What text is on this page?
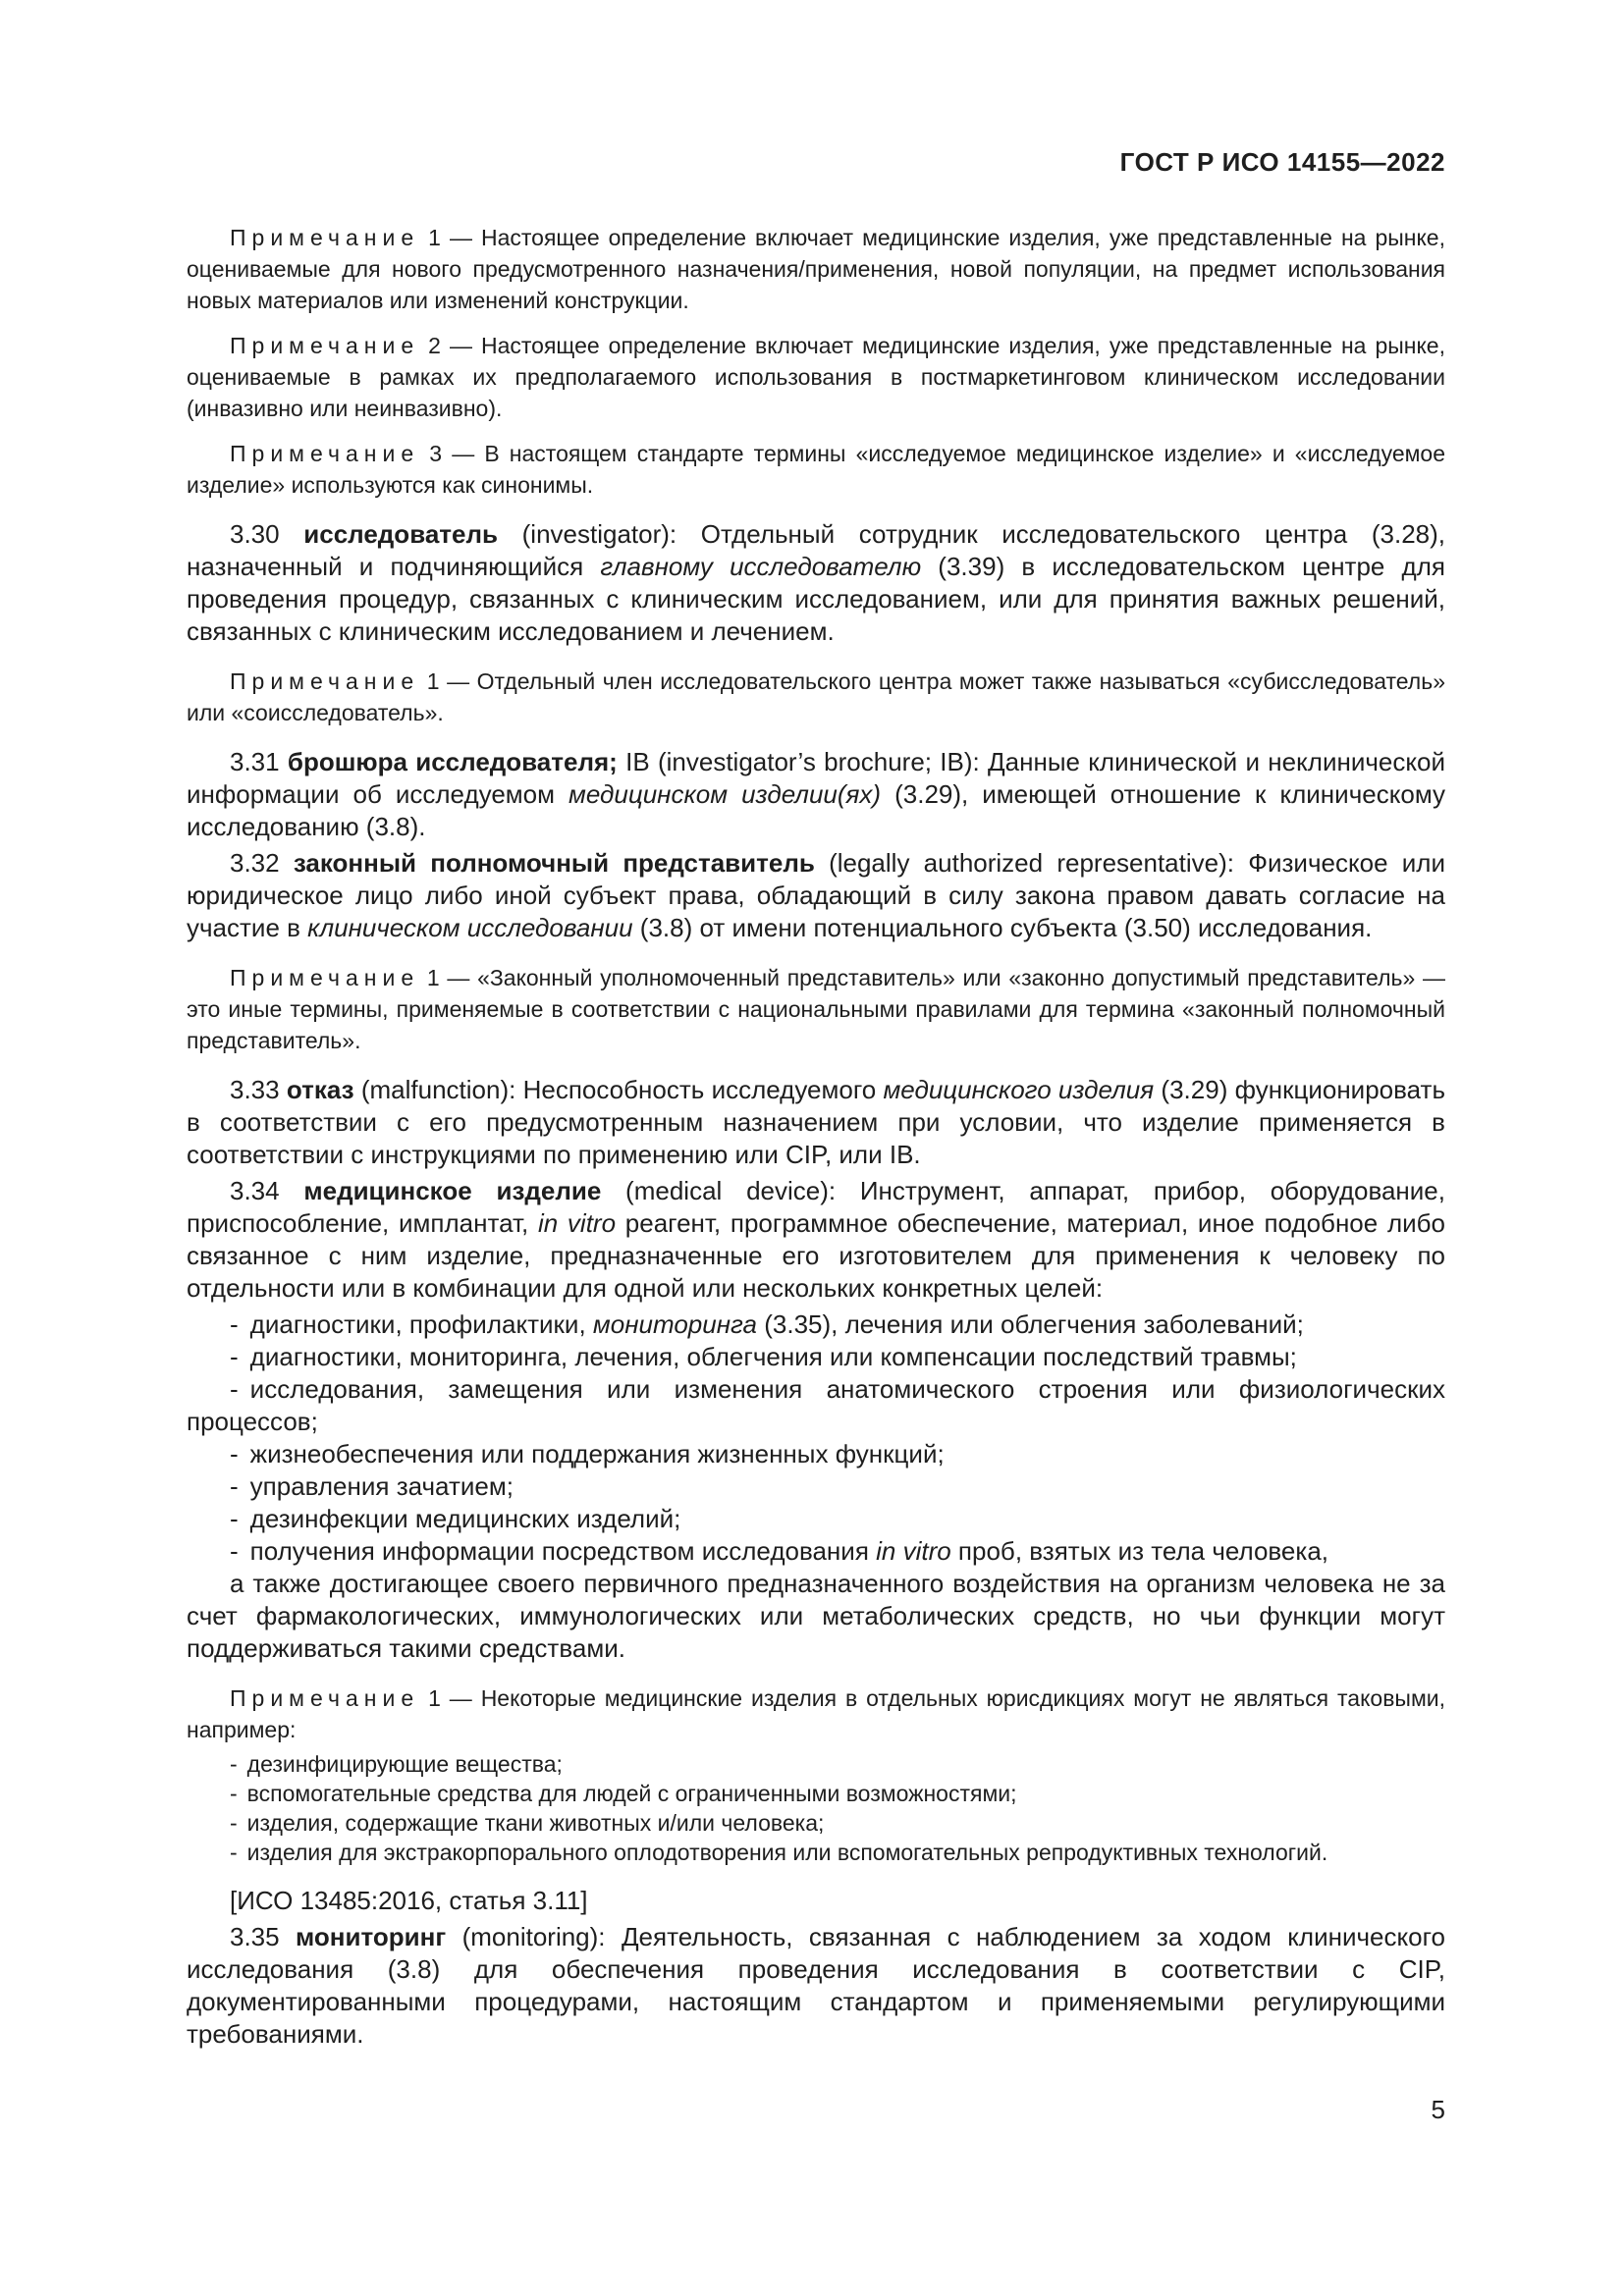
ГОСТ Р ИСО 14155—2022

Примечание 1 — Настоящее определение включает медицинские изделия, уже представленные на рынке, оцениваемые для нового предусмотренного назначения/применения, новой популяции, на предмет использования новых материалов или изменений конструкции.

Примечание 2 — Настоящее определение включает медицинские изделия, уже представленные на рынке, оцениваемые в рамках их предполагаемого использования в постмаркетинговом клиническом исследовании (инвазивно или неинвазивно).

Примечание 3 — В настоящем стандарте термины «исследуемое медицинское изделие» и «исследуемое изделие» используются как синонимы.

3.30 исследователь (investigator): Отдельный сотрудник исследовательского центра (3.28), назначенный и подчиняющийся главному исследователю (3.39) в исследовательском центре для проведения процедур, связанных с клиническим исследованием, или для принятия важных решений, связанных с клиническим исследованием и лечением.

Примечание 1 — Отдельный член исследовательского центра может также называться «субисследователь» или «соисследователь».

3.31 брошюра исследователя; IB (investigator’s brochure; IB): Данные клинической и неклинической информации об исследуемом медицинском изделии(ях) (3.29), имеющей отношение к клиническому исследованию (3.8).

3.32 законный полномочный представитель (legally authorized representative): Физическое или юридическое лицо либо иной субъект права, обладающий в силу закона правом давать согласие на участие в клиническом исследовании (3.8) от имени потенциального субъекта (3.50) исследования.

Примечание 1 — «Законный уполномоченный представитель» или «законно допустимый представитель» — это иные термины, применяемые в соответствии с национальными правилами для термина «законный полномочный представитель».

3.33 отказ (malfunction): Неспособность исследуемого медицинского изделия (3.29) функционировать в соответствии с его предусмотренным назначением при условии, что изделие применяется в соответствии с инструкциями по применению или CIP, или IB.

3.34 медицинское изделие (medical device): Инструмент, аппарат, прибор, оборудование, приспособление, имплантат, in vitro реагент, программное обеспечение, материал, иное подобное либо связанное с ним изделие, предназначенные его изготовителем для применения к человеку по отдельности или в комбинации для одной или нескольких конкретных целей:

- диагностики, профилактики, мониторинга (3.35), лечения или облегчения заболеваний;

- диагностики, мониторинга, лечения, облегчения или компенсации последствий травмы;

- исследования, замещения или изменения анатомического строения или физиологических процессов;

- жизнеобеспечения или поддержания жизненных функций;

- управления зачатием;

- дезинфекции медицинских изделий;

- получения информации посредством исследования in vitro проб, взятых из тела человека,

а также достигающее своего первичного предназначенного воздействия на организм человека не за счет фармакологических, иммунологических или метаболических средств, но чьи функции могут поддерживаться такими средствами.

Примечание 1 — Некоторые медицинские изделия в отдельных юрисдикциях могут не являться таковыми, например:

- дезинфицирующие вещества;

- вспомогательные средства для людей с ограниченными возможностями;

- изделия, содержащие ткани животных и/или человека;

- изделия для экстракорпорального оплодотворения или вспомогательных репродуктивных технологий.

[ИСО 13485:2016, статья 3.11]

3.35 мониторинг (monitoring): Деятельность, связанная с наблюдением за ходом клинического исследования (3.8) для обеспечения проведения исследования в соответствии с CIP, документированными процедурами, настоящим стандартом и применяемыми регулирующими требованиями.

5
